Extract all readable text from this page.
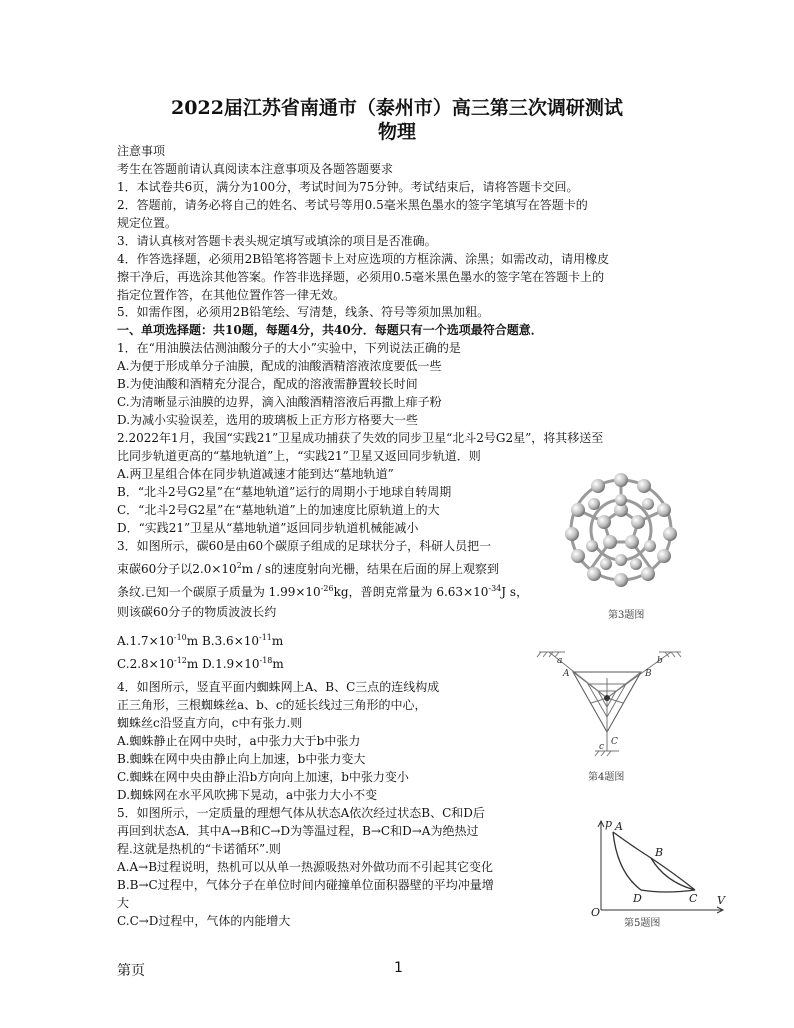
2022届江苏省南通市（泰州市）高三第三次调研测试
物理
注意事项
考生在答题前请认真阅读本注意事项及各题答题要求
1．本试卷共6页，满分为100分，考试时间为75分钟。考试结束后，请将答题卡交回。
2．答题前，请务必将自己的姓名、考试号等用0.5毫米黑色墨水的签字笔填写在答题卡的
规定位置。
3．请认真核对答题卡表头规定填写或填涂的项目是否准确。
4．作答选择题，必须用2B铅笔将答题卡上对应选项的方框涂满、涂黑；如需改动，请用橡皮
擦干净后，再选涂其他答案。作答非选择题，必须用0.5毫米黑色墨水的签字笔在答题卡上的
指定位置作答，在其他位置作答一律无效。
5．如需作图，必须用2B铅笔绘、写清楚，线条、符号等须加黑加粗。
一、单项选择题：共10题，每题4分，共40分．每题只有一个选项最符合题意．
1．在“用油膜法估测油酸分子的大小”实验中，下列说法正确的是
A.为便于形成单分子油膜，配成的油酸酒精溶液浓度要低一些
B.为使油酸和酒精充分混合，配成的溶液需静置较长时间
C.为清晰显示油膜的边界，滴入油酸酒精溶液后再撒上痱子粉
D.为减小实验误差，选用的玻璃板上正方形方格要大一些
2.2022年1月，我国“实践21”卫星成功捕获了失效的同步卫星“北斗2号G2星”，将其移送至
比同步轨道更高的“墓地轨道”上，“实践21”卫星又返回同步轨道．则
A.两卫星组合体在同步轨道减速才能到达“墓地轨道”
B．“北斗2号G2星”在“墓地轨道”运行的周期小于地球自转周期
C．“北斗2号G2星”在“墓地轨道”上的加速度比原轨道上的大
D．“实践21”卫星从“墓地轨道”返回同步轨道机械能减小
3．如图所示，碳60是由60个碳原子组成的足球状分子，科研人员把一
束碳60分子以$2.0\times 10^2m / s$的速度射向光栅，结果在后面的屏上观察到
条纹.已知一个碳原子质量为 $1.99\times 10^{-26}kg$，普朗克常量为 $6.63\times 10^{-34}J$ s，
则该碳60分子的物质波波长约
$A.1.7\times 10^{-10}m$ $B.3.6\times 10^{-11}m$
$C.2.8\times 10^{-12}m$ $D.1.9\times 10^{-18}m$
4．如图所示，竖直平面内蜘蛛网上A、B、C三点的连线构成
正三角形，三根蜘蛛丝a、b、c的延长线过三角形的中心，
蜘蛛丝c沿竖直方向，c中有张力.则
A.蜘蛛静止在网中央时，a中张力大于b中张力
B.蜘蛛在网中央由静止向上加速，b中张力变大
C.蜘蛛在网中央由静止沿b方向向上加速，b中张力变小
D.蜘蛛网在水平风吹拂下晃动，a中张力大小不变
5．如图所示，一定质量的理想气体从状态A依次经过状态B、C和D后
再回到状态A．其中A→B和C→D为等温过程，B→C和D→A为绝热过
程.这就是热机的“卡诺循环”.则
A.A→B过程说明，热机可以从单一热源吸热对外做功而不引起其它变化
B.B→C过程中，气体分子在单位时间内碰撞单位面积器壁的平均冲量增
大
C.C→D过程中，气体的内能增大
第3题图
a	b
A	B
C
c
第4题图
p A
B
C
D
O
V
第5题图
第页	1
